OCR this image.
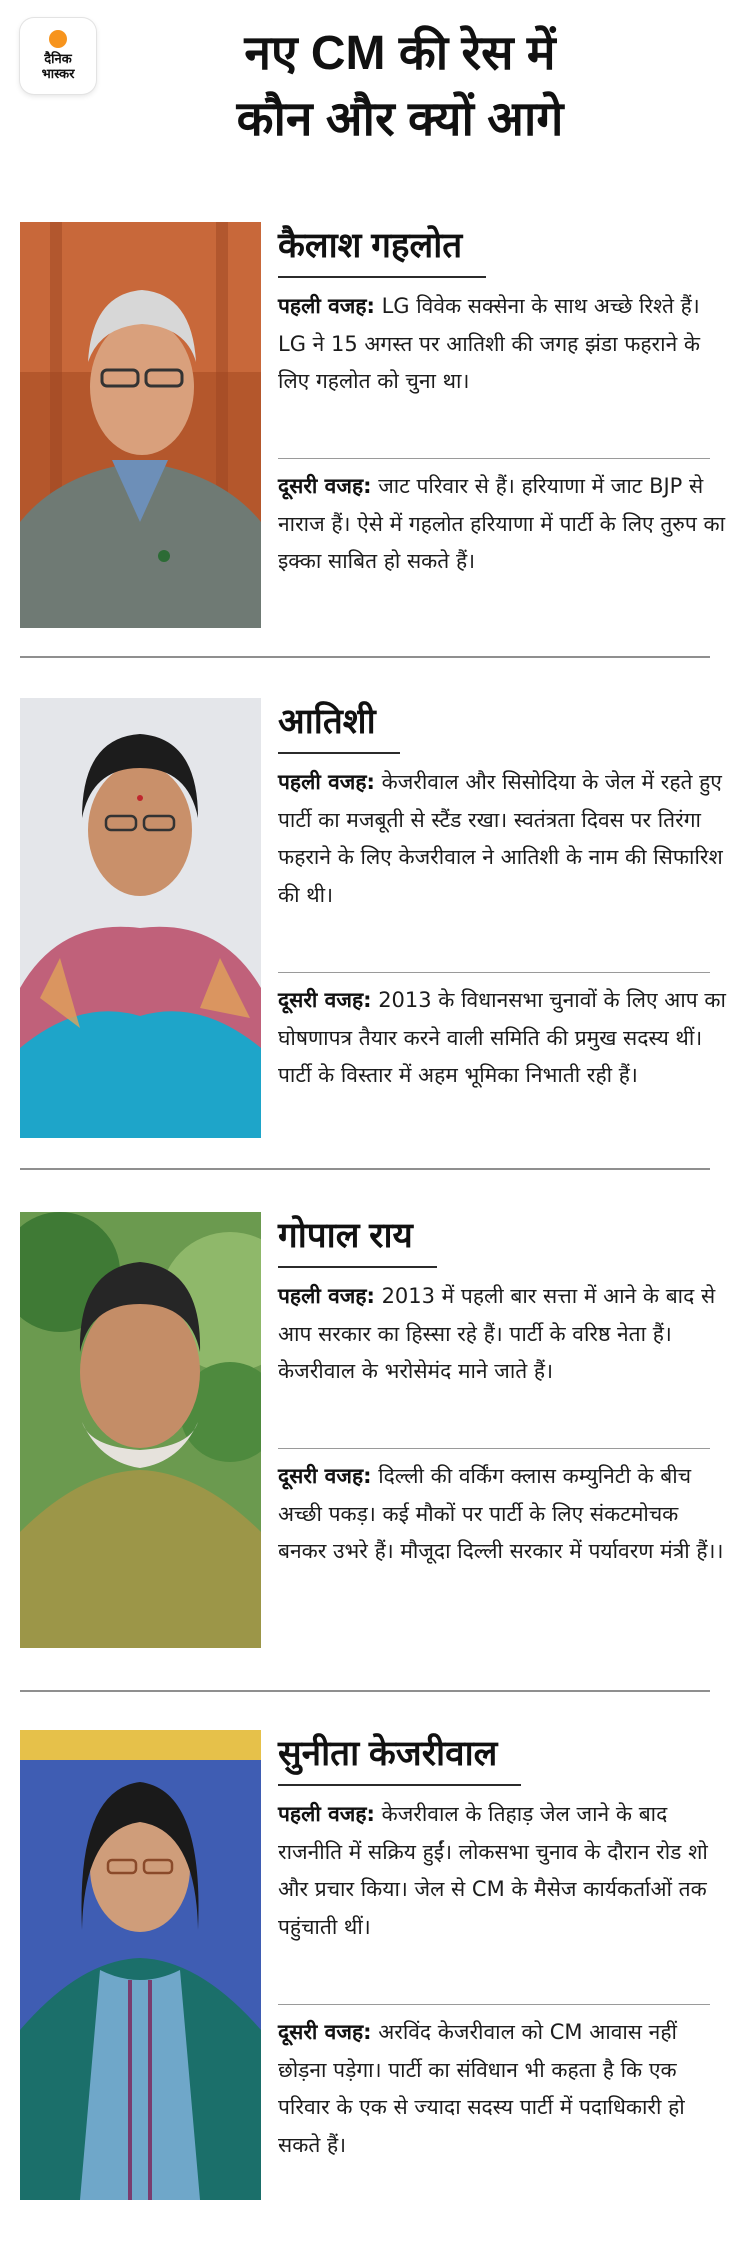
दैनिक
भास्कर	नए CM की रेस में
कौन और क्यों आगे
कैलाश गहलोत
पहली वजह: LG विवेक सक्सेना के साथ अच्छे रिश्ते हैं। LG ने 15 अगस्त पर आतिशी की जगह झंडा फहराने के लिए गहलोत को चुना था।
दूसरी वजह: जाट परिवार से हैं। हरियाणा में जाट BJP से नाराज हैं। ऐसे में गहलोत हरियाणा में पार्टी के लिए तुरुप का इक्का साबित हो सकते हैं।
आतिशी
पहली वजह: केजरीवाल और सिसोदिया के जेल में रहते हुए पार्टी का मजबूती से स्टैंड रखा। स्वतंत्रता दिवस पर तिरंगा फहराने के लिए केजरीवाल ने आतिशी के नाम की सिफारिश की थी।
दूसरी वजह: 2013 के विधानसभा चुनावों के लिए आप का घोषणापत्र तैयार करने वाली समिति की प्रमुख सदस्य थीं। पार्टी के विस्तार में अहम भूमिका निभाती रही हैं।
गोपाल राय
पहली वजह: 2013 में पहली बार सत्ता में आने के बाद से आप सरकार का हिस्सा रहे हैं। पार्टी के वरिष्ठ नेता हैं। केजरीवाल के भरोसेमंद माने जाते हैं।
दूसरी वजह: दिल्ली की वर्किंग क्लास कम्युनिटी के बीच अच्छी पकड़। कई मौकों पर पार्टी के लिए संकटमोचक बनकर उभरे हैं। मौजूदा दिल्ली सरकार में पर्यावरण मंत्री हैं।।
सुनीता केजरीवाल
पहली वजह: केजरीवाल के तिहाड़ जेल जाने के बाद राजनीति में सक्रिय हुईं। लोकसभा चुनाव के दौरान रोड शो और प्रचार किया। जेल से CM के मैसेज कार्यकर्ताओं तक पहुंचाती थीं।
दूसरी वजह: अरविंद केजरीवाल को CM आवास नहीं छोड़ना पड़ेगा। पार्टी का संविधान भी कहता है कि एक परिवार के एक से ज्यादा सदस्य पार्टी में पदाधिकारी हो सकते हैं।
